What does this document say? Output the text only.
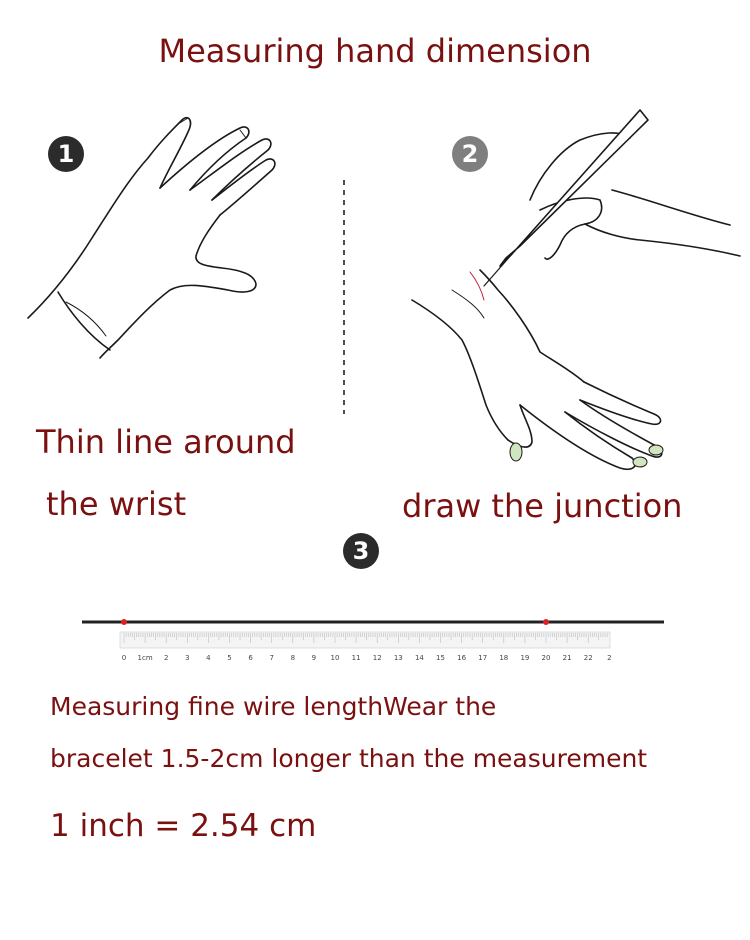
Measuring hand dimension
1	2
3
0 1cm 2 3 4 5 6 7 8 9 10 11 12 13 14 15 16 17 18 19 20 21 22 2
Thin line around
the wrist	draw the junction
Measuring fine wire lengthWear the
bracelet 1.5-2cm longer than the measurement
1 inch = 2.54 cm
